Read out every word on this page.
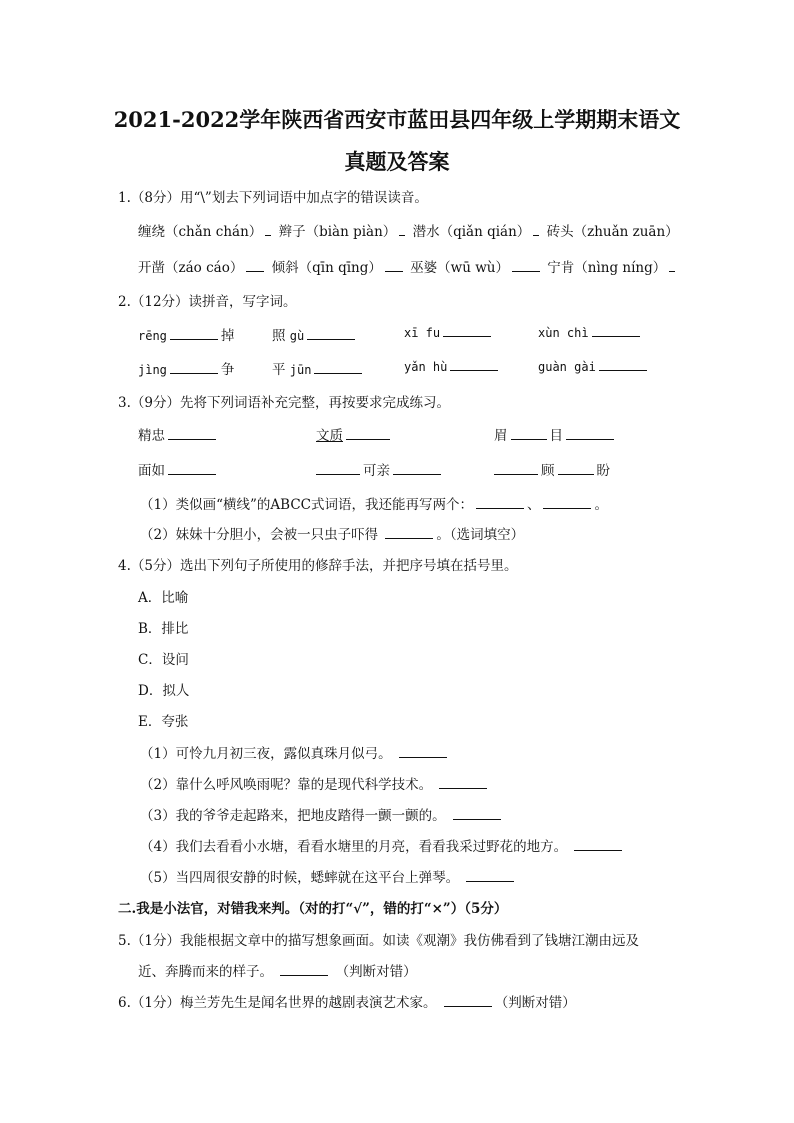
2021-2022学年陕西省西安市蓝田县四年级上学期期末语文
真题及答案
1.（8分）用“\”划去下列词语中加点字的错误读音。
缠绕（chǎn chán） 辫子（biàn piàn） 潜水（qiǎn qián） 砖头（zhuǎn zuān）
开凿（záo cáo） 倾斜（qīn qīng） 巫婆（wū wù）	宁肯（nìng níng）
2.（12分）读拼音，写字词。
rēng	掉	照 gù	xī fu	xùn chì
jìng	争	平 jūn	yǎn hù	guàn gài
3.（9分）先将下列词语补充完整，再按要求完成练习。
精忠	文质	眉	目
面如	可亲	顾	盼
（1）类似画“横线”的ABCC式词语，我还能再写两个：	、	。
（2）妹妹十分胆小，会被一只虫子吓得	。（选词填空）
4.（5分）选出下列句子所使用的修辞手法，并把序号填在括号里。
A．比喻
B．排比
C．设问
D．拟人
E．夸张
（1）可怜九月初三夜，露似真珠月似弓。
（2）靠什么呼风唤雨呢？靠的是现代科学技术。
（3）我的爷爷走起路来，把地皮踏得一颤一颤的。
（4）我们去看看小水塘，看看水塘里的月亮，看看我采过野花的地方。
（5）当四周很安静的时候，蟋蟀就在这平台上弹琴。
二.我是小法官，对错我来判。（对的打“√”，错的打“×”）（5分）
5.（1分）我能根据文章中的描写想象画面。如读《观潮》我仿佛看到了钱塘江潮由远及
近、奔腾而来的样子。	（判断对错）
6.（1分）梅兰芳先生是闻名世界的越剧表演艺术家。	（判断对错）
